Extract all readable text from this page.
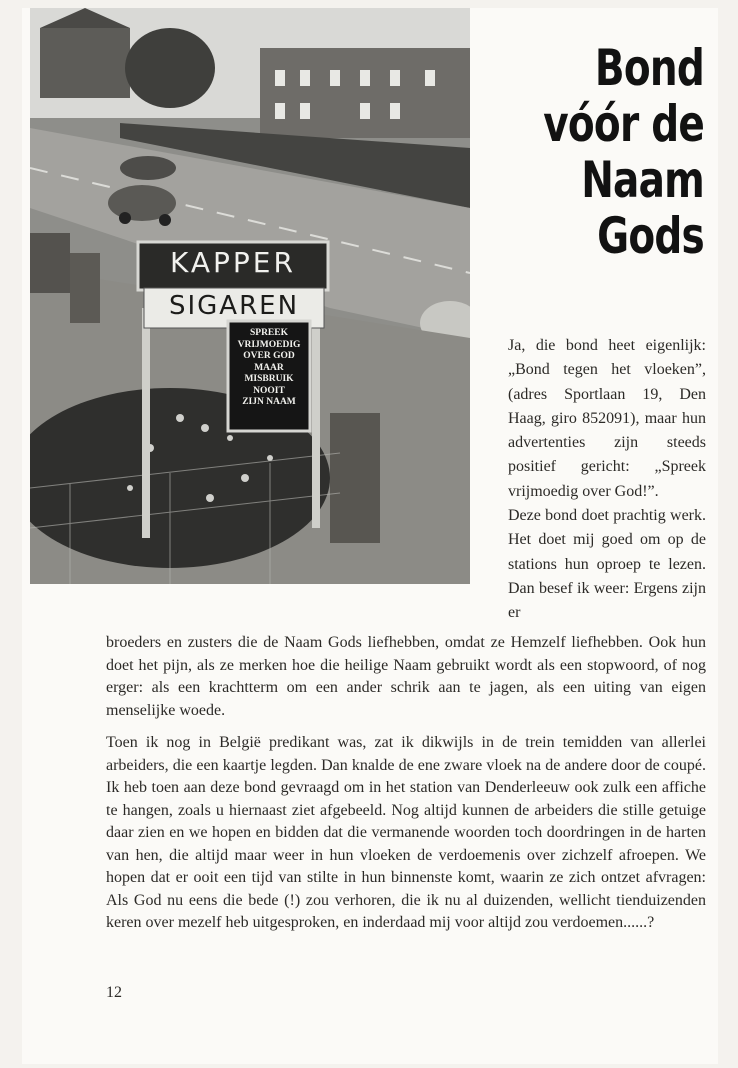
KAPPER
SIGAREN
SPREEK
VRIJMOEDIG
OVER GOD
MAAR
MISBRUIK
NOOIT
ZIJN NAAM
Bond
vóór de
Naam
Gods

Ja, die bond heet eigenlijk: „Bond tegen het vloeken”, (adres Sportlaan 19, Den Haag, giro 852091), maar hun advertenties zijn steeds positief gericht: „Spreek vrijmoedig over God!”.

Deze bond doet prachtig werk. Het doet mij goed om op de stations hun oproep te lezen. Dan besef ik weer: Ergens zijn er

broeders en zusters die de Naam Gods liefhebben, omdat ze Hemzelf liefhebben. Ook hun doet het pijn, als ze merken hoe die heilige Naam gebruikt wordt als een stopwoord, of nog erger: als een krachtterm om een ander schrik aan te jagen, als een uiting van eigen menselijke woede.

Toen ik nog in België predikant was, zat ik dikwijls in de trein temidden van allerlei arbeiders, die een kaartje legden. Dan knalde de ene zware vloek na de andere door de coupé. Ik heb toen aan deze bond gevraagd om in het station van Denderleeuw ook zulk een affiche te hangen, zoals u hiernaast ziet afgebeeld. Nog altijd kunnen de arbeiders die stille getuige daar zien en we hopen en bidden dat die vermanende woorden toch doordringen in de harten van hen, die altijd maar weer in hun vloeken de verdoemenis over zichzelf afroepen. We hopen dat er ooit een tijd van stilte in hun binnenste komt, waarin ze zich ontzet afvragen: Als God nu eens die bede (!) zou verhoren, die ik nu al duizenden, wellicht tienduizenden keren over mezelf heb uitgesproken, en inderdaad mij voor altijd zou verdoemen......?

12
